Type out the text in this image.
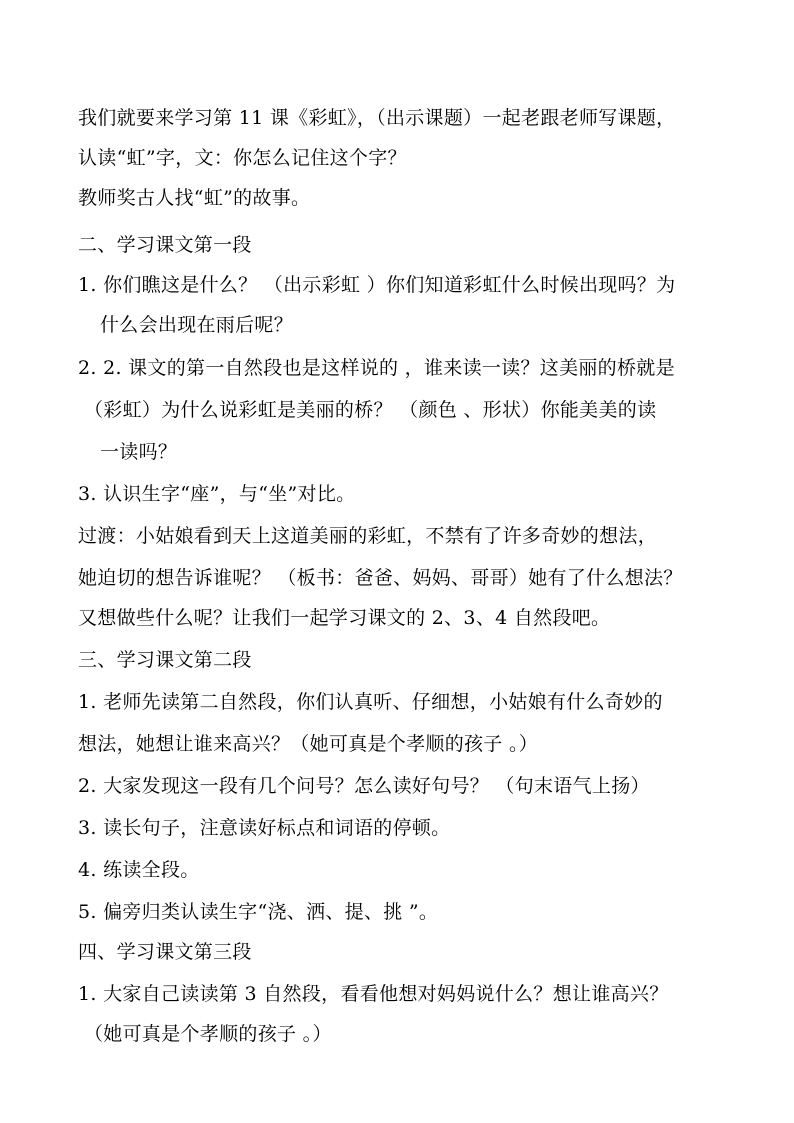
我们就要来学习第 11 课《彩虹》，（出示课题）一起老跟老师写课题，
认读“虹”字，文：你怎么记住这个字？
教师奖古人找“虹”的故事。
二、学习课文第一段
1. 你们瞧这是什么？ （出示彩虹 ）你们知道彩虹什么时候出现吗？为
什么会出现在雨后呢？
2. 2. 课文的第一自然段也是这样说的 ，谁来读一读？这美丽的桥就是
（彩虹）为什么说彩虹是美丽的桥？ （颜色 、形状）你能美美的读
一读吗？
3. 认识生字“座”，与“坐”对比。
过渡：小姑娘看到天上这道美丽的彩虹，不禁有了许多奇妙的想法，
她迫切的想告诉谁呢？ （板书：爸爸、妈妈、哥哥）她有了什么想法？
又想做些什么呢？让我们一起学习课文的 2、3、4 自然段吧。
三、学习课文第二段
1. 老师先读第二自然段，你们认真听、仔细想，小姑娘有什么奇妙的
想法，她想让谁来高兴？（她可真是个孝顺的孩子 。）
2. 大家发现这一段有几个问号？怎么读好句号？ （句末语气上扬）
3. 读长句子，注意读好标点和词语的停顿。
4. 练读全段。
5. 偏旁归类认读生字“浇、洒、提、挑 ”。
四、学习课文第三段
1. 大家自己读读第 3 自然段，看看他想对妈妈说什么？想让谁高兴？
（她可真是个孝顺的孩子 。）
